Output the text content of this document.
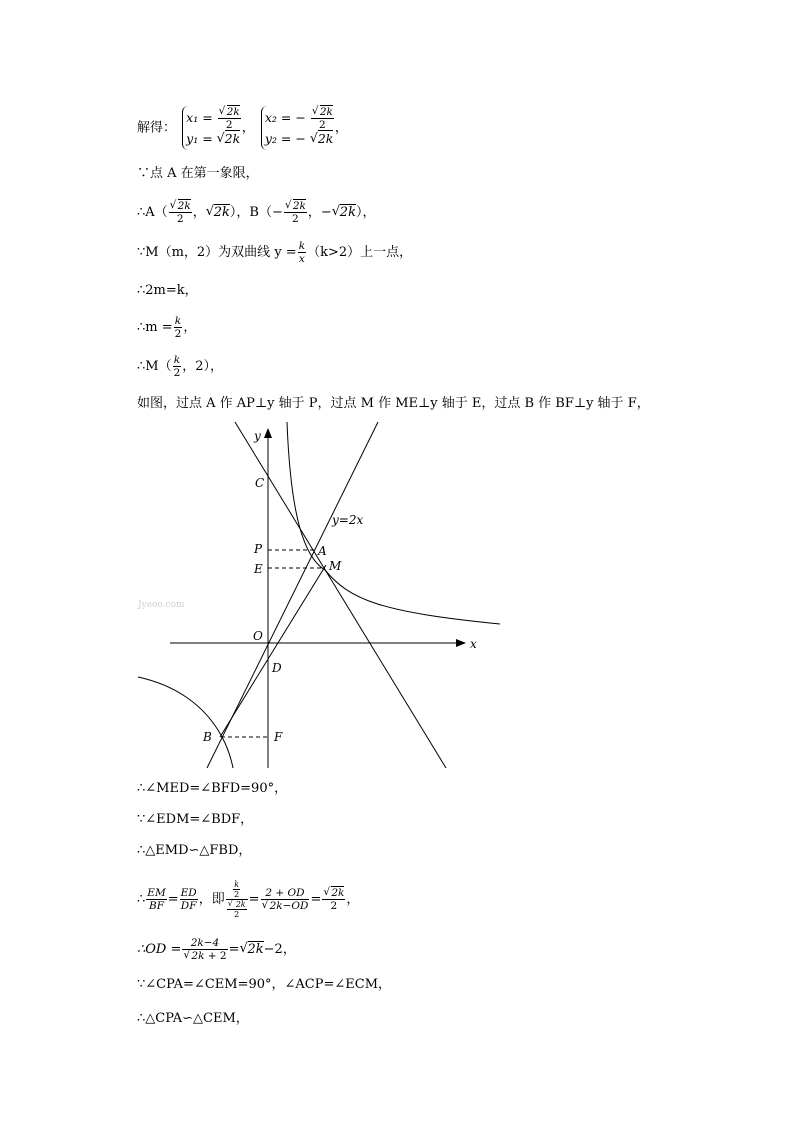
解得：
x₁ = √ $\frac{2k}{2}$
y₁ = √ 2k
，
x₂ = − √ $\frac{2k}{2}$
y₂ = − √ 2k
，
∵点 A 在第一象限，
∴A（ √ $\frac{2k}{2}$ ， √ 2k），B（− √ $\frac{2k}{2}$ ，− √ 2k），
∵M（m，2）为双曲线 $y = \frac{k}{x} (k>2)$上一点，
∴2m=k，
∴m = $\frac{k}{2}$ ，
∴M（ $\frac{k}{2}$ ，2），
如图，过点 A 作 AP⊥y 轴于 P，过点 M 作 ME⊥y 轴于 E，过点 B 作 BF⊥y 轴于 F，
y
x
C
P
E
O
D
B	F
A
M
y=2x
Jyeoo.com
∴∠MED=∠BFD=90°，
∵∠EDM=∠BDF，
∴△EMD∽△FBD，
∴ $\frac{EM}{BF} = \frac{ED}{DF}$ ，即 $\frac{k}{2}$
√ $\frac{2k}{2} = 2$ + OD
√ 2k−OD = √ $\frac{2k}{2}$ ，
∴OD = 2k−4
√ 2k + 2 = √ 2k−2，
∵∠CPA=∠CEM=90°，∠ACP=∠ECM，
∴△CPA∽△CEM，
